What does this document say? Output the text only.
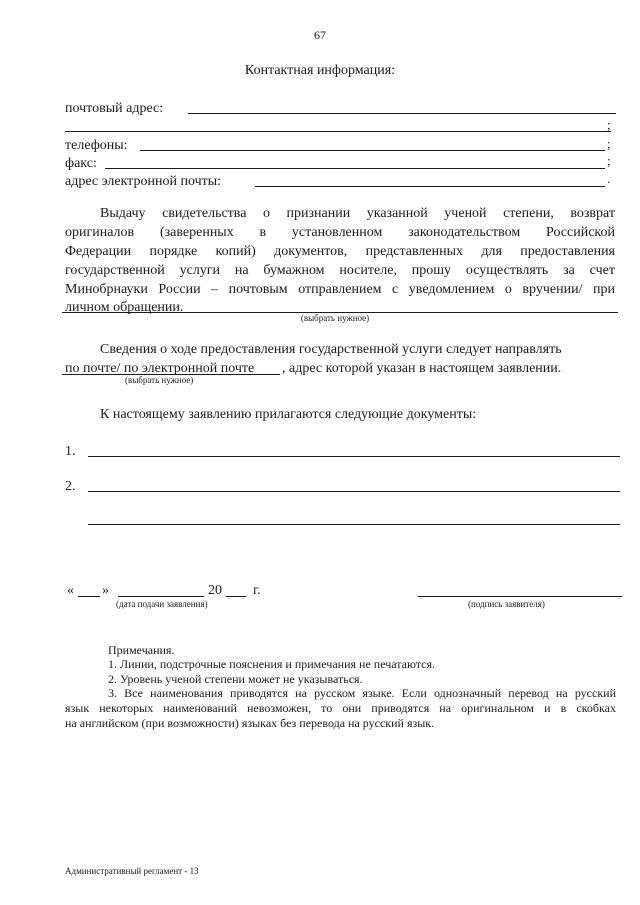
67
Контактная информация:
почтовый адрес:
;
телефоны:	;
факс:	;
адрес электронной почты:	.
Выдачу свидетельства о признании указанной ученой степени, возврат
оригиналов (заверенных в установленном законодательством Российской
Федерации порядке копий) документов, представленных для предоставления
государственной услуги на бумажном носителе, прошу осуществлять за счет
Минобрнауки России – почтовым отправлением с уведомлением о вручении/ при
личном обращении.
(выбрать нужное)
Сведения о ходе предоставления государственной услуги следует направлять
по почте/ по электронной почте , адрес которой указан в настоящем заявлении.
(выбрать нужное)
К настоящему заявлению прилагаются следующие документы:
1.
2.
« »	20 г.
(дата подачи заявления)	(подпись заявителя)
Примечания.
1. Линии, подстрочные пояснения и примечания не печатаются.
2. Уровень ученой степени может не указываться.
3. Все наименования приводятся на русском языке. Если однозначный перевод на русский
язык некоторых наименований невозможен, то они приводятся на оригинальном и в скобках
на английском (при возможности) языках без перевода на русский язык.
Административный регламент - 13
